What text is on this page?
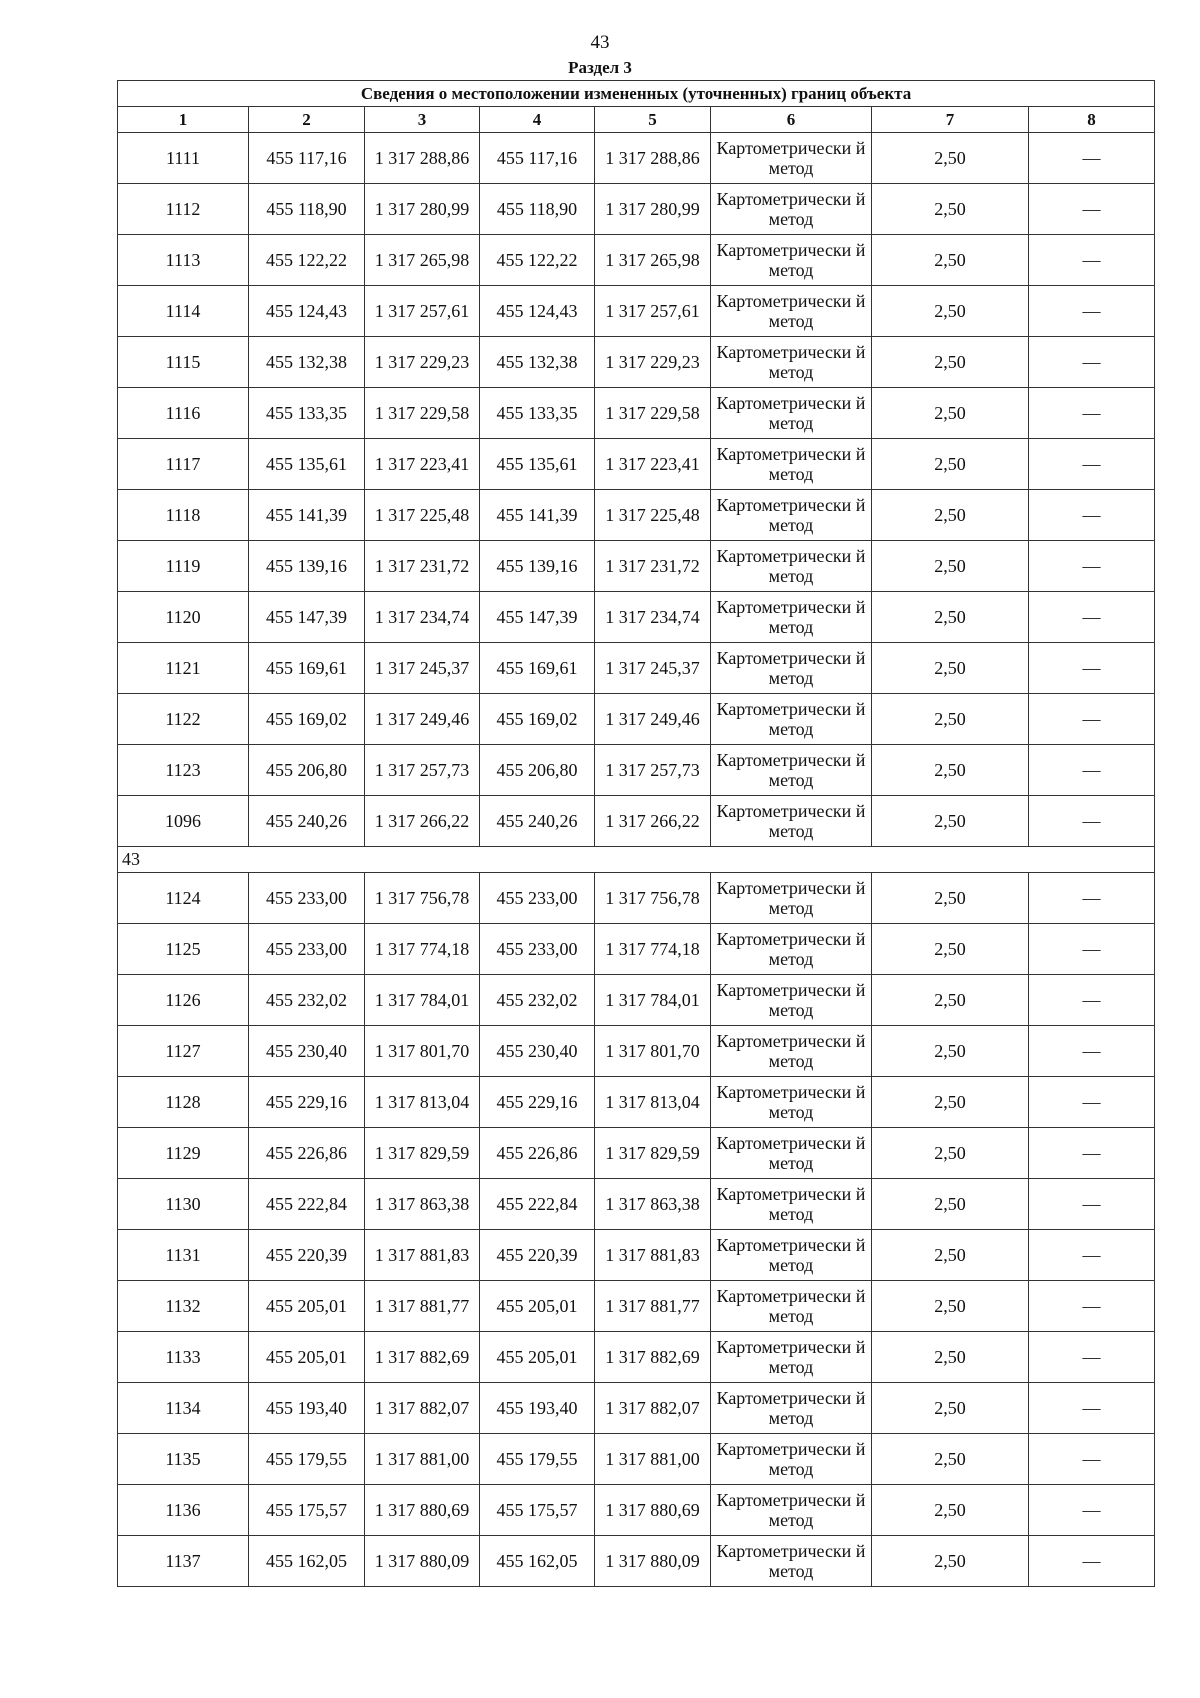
43
Раздел 3
Сведения о местоположении измененных (уточненных) границ объекта							
1	2	3	4	5	6	7	8
1111	455 117,16	1 317 288,86	455 117,16	1 317 288,86	Картометрически й метод	2,50	—
1112	455 118,90	1 317 280,99	455 118,90	1 317 280,99	Картометрически й метод	2,50	—
1113	455 122,22	1 317 265,98	455 122,22	1 317 265,98	Картометрически й метод	2,50	—
1114	455 124,43	1 317 257,61	455 124,43	1 317 257,61	Картометрически й метод	2,50	—
1115	455 132,38	1 317 229,23	455 132,38	1 317 229,23	Картометрически й метод	2,50	—
1116	455 133,35	1 317 229,58	455 133,35	1 317 229,58	Картометрически й метод	2,50	—
1117	455 135,61	1 317 223,41	455 135,61	1 317 223,41	Картометрически й метод	2,50	—
1118	455 141,39	1 317 225,48	455 141,39	1 317 225,48	Картометрически й метод	2,50	—
1119	455 139,16	1 317 231,72	455 139,16	1 317 231,72	Картометрически й метод	2,50	—
1120	455 147,39	1 317 234,74	455 147,39	1 317 234,74	Картометрически й метод	2,50	—
1121	455 169,61	1 317 245,37	455 169,61	1 317 245,37	Картометрически й метод	2,50	—
1122	455 169,02	1 317 249,46	455 169,02	1 317 249,46	Картометрически й метод	2,50	—
1123	455 206,80	1 317 257,73	455 206,80	1 317 257,73	Картометрически й метод	2,50	—
1096	455 240,26	1 317 266,22	455 240,26	1 317 266,22	Картометрически й метод	2,50	—
43							
1124	455 233,00	1 317 756,78	455 233,00	1 317 756,78	Картометрически й метод	2,50	—
1125	455 233,00	1 317 774,18	455 233,00	1 317 774,18	Картометрически й метод	2,50	—
1126	455 232,02	1 317 784,01	455 232,02	1 317 784,01	Картометрически й метод	2,50	—
1127	455 230,40	1 317 801,70	455 230,40	1 317 801,70	Картометрически й метод	2,50	—
1128	455 229,16	1 317 813,04	455 229,16	1 317 813,04	Картометрически й метод	2,50	—
1129	455 226,86	1 317 829,59	455 226,86	1 317 829,59	Картометрически й метод	2,50	—
1130	455 222,84	1 317 863,38	455 222,84	1 317 863,38	Картометрически й метод	2,50	—
1131	455 220,39	1 317 881,83	455 220,39	1 317 881,83	Картометрически й метод	2,50	—
1132	455 205,01	1 317 881,77	455 205,01	1 317 881,77	Картометрически й метод	2,50	—
1133	455 205,01	1 317 882,69	455 205,01	1 317 882,69	Картометрически й метод	2,50	—
1134	455 193,40	1 317 882,07	455 193,40	1 317 882,07	Картометрически й метод	2,50	—
1135	455 179,55	1 317 881,00	455 179,55	1 317 881,00	Картометрически й метод	2,50	—
1136	455 175,57	1 317 880,69	455 175,57	1 317 880,69	Картометрически й метод	2,50	—
1137	455 162,05	1 317 880,09	455 162,05	1 317 880,09	Картометрически й метод	2,50	—
